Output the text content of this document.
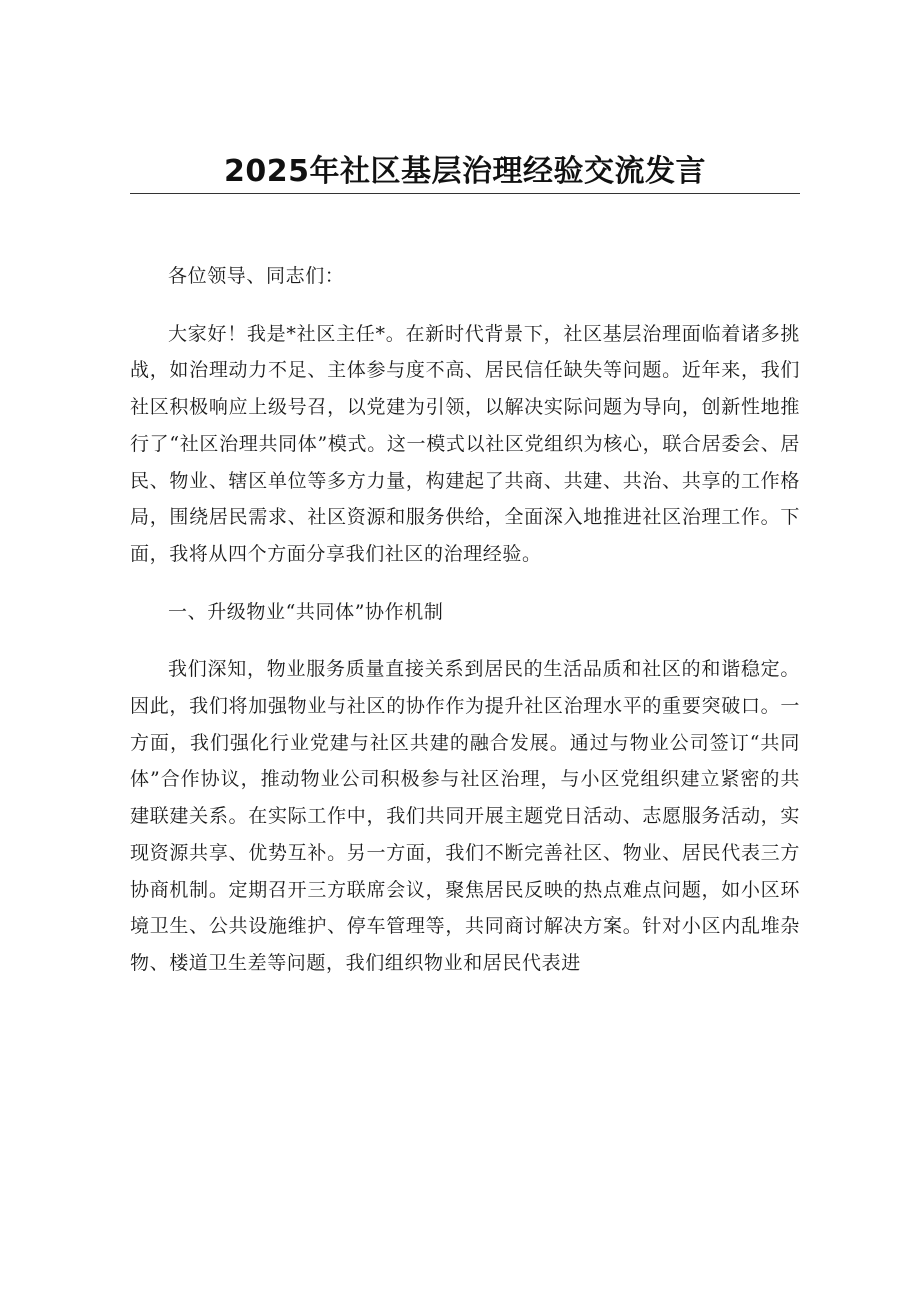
2025年社区基层治理经验交流发言

各位领导、同志们：

大家好！我是*社区主任*。在新时代背景下，社区基层治理面临着诸多挑战，如治理动力不足、主体参与度不高、居民信任缺失等问题。近年来，我们社区积极响应上级号召，以党建为引领，以解决实际问题为导向，创新性地推行了“社区治理共同体”模式。这一模式以社区党组织为核心，联合居委会、居民、物业、辖区单位等多方力量，构建起了共商、共建、共治、共享的工作格局，围绕居民需求、社区资源和服务供给，全面深入地推进社区治理工作。下面，我将从四个方面分享我们社区的治理经验。

一、升级物业“共同体”协作机制

我们深知，物业服务质量直接关系到居民的生活品质和社区的和谐稳定。因此，我们将加强物业与社区的协作作为提升社区治理水平的重要突破口。一方面，我们强化行业党建与社区共建的融合发展。通过与物业公司签订“共同体”合作协议，推动物业公司积极参与社区治理，与小区党组织建立紧密的共建联建关系。在实际工作中，我们共同开展主题党日活动、志愿服务活动，实现资源共享、优势互补。另一方面，我们不断完善社区、物业、居民代表三方协商机制。定期召开三方联席会议，聚焦居民反映的热点难点问题，如小区环境卫生、公共设施维护、停车管理等，共同商讨解决方案。针对小区内乱堆杂物、楼道卫生差等问题，我们组织物业和居民代表进
